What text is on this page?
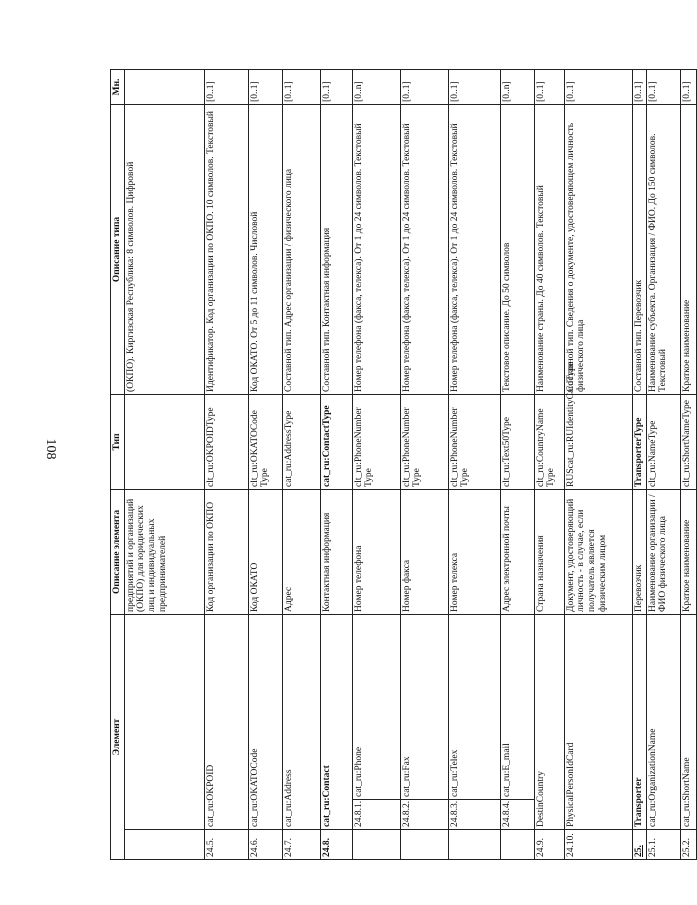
108
Элемент			Описание элемента	Тип	Описание типа	Мн.
			предприятий и организаций (ОКПО) для юридических лиц и индивидуальных предпринимателей		(ОКПО). Киргизская Республика: 8 символов. Цифровой	
24.5.	cat_ru:OKPOID		Код организации по ОКПО	clt_ru:OKPOIDType	Идентификатор. Код организации по ОКПО. 10 символов. Текстовый	[0..1]
24.6.	cat_ru:OKATOCode		Код ОКАТО	clt_ru:OKATOCode Type	Код ОКАТО. От 5 до 11 символов. Числовой	[0..1]
24.7.	cat_ru:Address		Адрес	cat_ru:AddressType	Составной тип. Адрес организации / физического лица	[0..1]
24.8.	cat_ru:Contact		Контактная информация	cat_ru:ContactType	Составной тип. Контактная информация	[0..1]
	24.8.1.	cat_ru:Phone	Номер телефона	clt_ru:PhoneNumber Type	Номер телефона (факса, телекса). От 1 до 24 символов. Текстовый	[0..n]
	24.8.2.	cat_ru:Fax	Номер факса	clt_ru:PhoneNumber Type	Номер телефона (факса, телекса). От 1 до 24 символов. Текстовый	[0..1]
	24.8.3.	cat_ru:Telex	Номер телекса	clt_ru:PhoneNumber Type	Номер телефона (факса, телекса). От 1 до 24 символов. Текстовый	[0..1]
	24.8.4.	cat_ru:E_mail	Адрес электронной почты	clt_ru:Text50Type	Текстовое описание. До 50 символов	[0..n]
24.9.	DestinCountry		Страна назначения	clt_ru:CountryName Type	Наименование страны. До 40 символов. Текстовый	[0..1]
24.10.	PhysicalPersonIdCard		Документ, удостоверяющий личность - в случае, если получатель является физическим лицом	RUScat_ru:RUIdentityCardType	Составной тип. Сведения о документе, удостоверяющем личность физического лица	[0..1]
25.	Transporter		Перевозчик	TransporterType	Составной тип. Перевозчик	[0..1]
25.1.	cat_ru:OrganizationName		Наименование организации / ФИО физического лица	clt_ru:NameType	Наименование субъекта. Организация / ФИО. До 150 символов. Текстовый	[0..1]
25.2.	cat_ru:ShortName		Краткое наименование	clt_ru:ShortNameType	Краткое наименование	[0..1]
